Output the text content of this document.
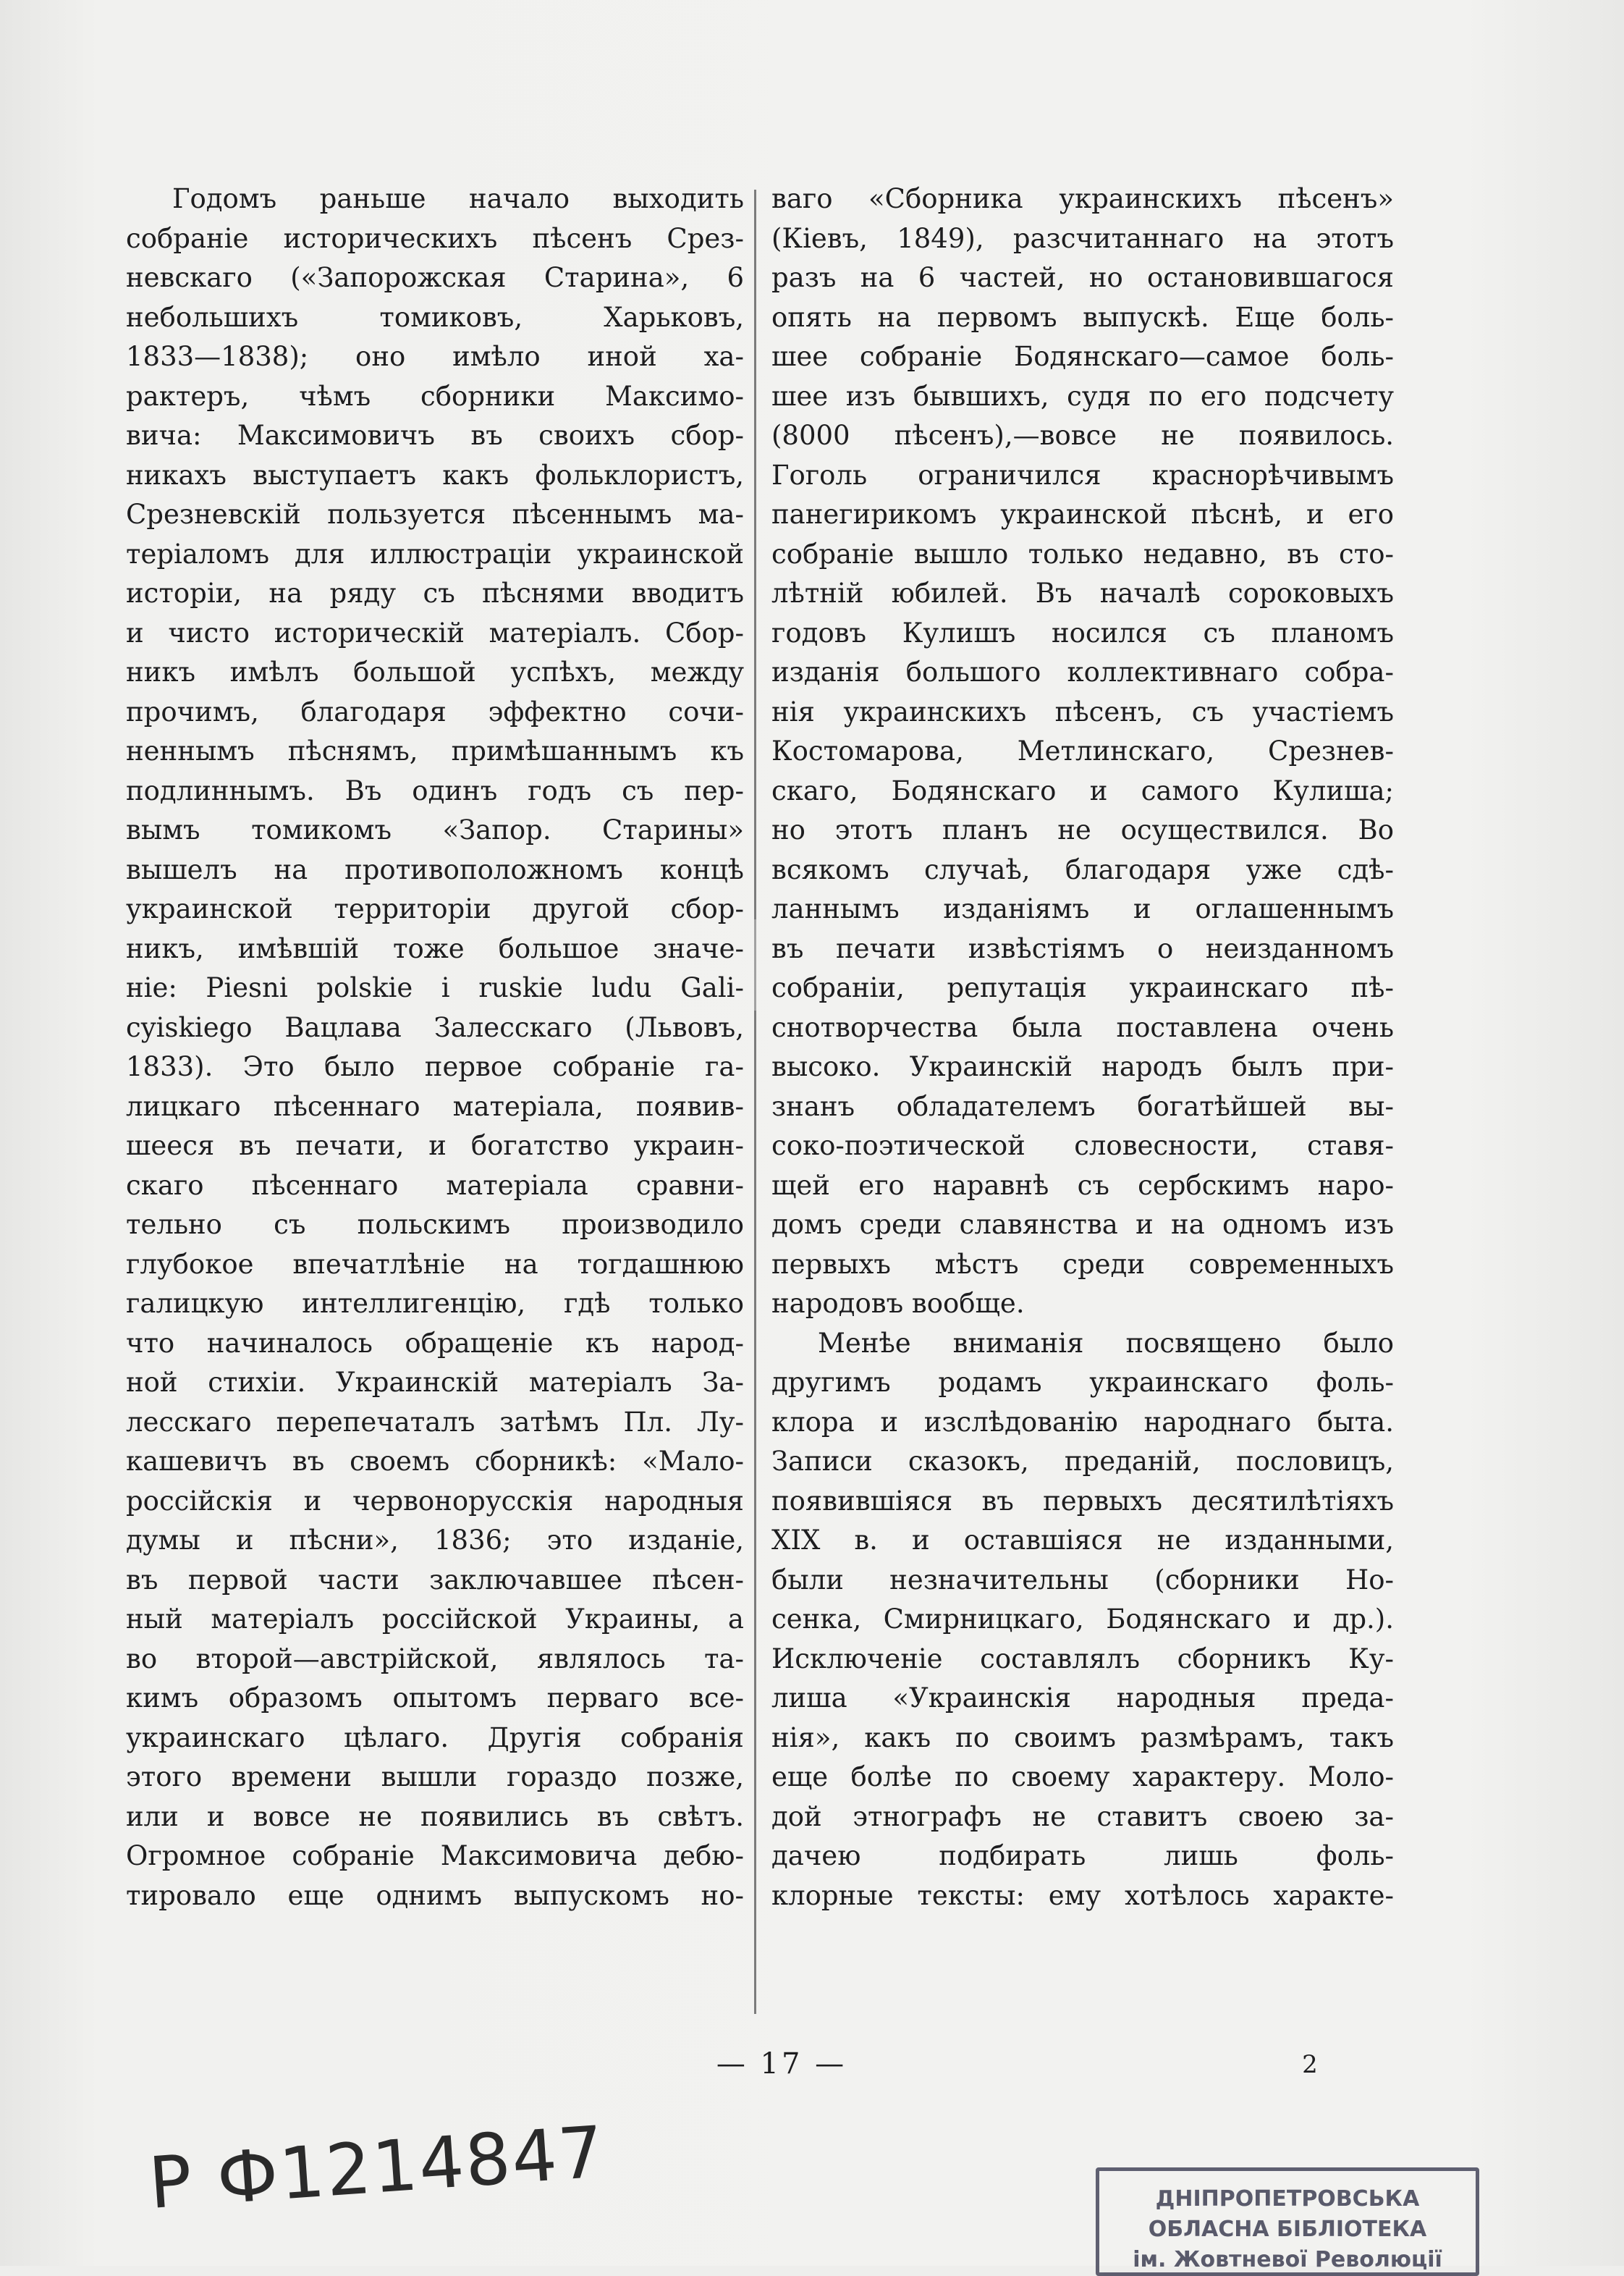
Годомъ раньше начало выходить
собраніе историческихъ пѣсенъ Срез-
невскаго («Запорожская Старина», 6
небольшихъ томиковъ, Харьковъ,
1833—1838); оно имѣло иной ха-
рактеръ, чѣмъ сборники Максимо-
вича: Максимовичъ въ своихъ сбор-
никахъ выступаетъ какъ фольклористъ,
Срезневскій пользуется пѣсеннымъ ма-
теріаломъ для иллюстраціи украинской
исторіи, на ряду съ пѣснями вводитъ
и чисто историческій матеріалъ. Сбор-
никъ имѣлъ большой успѣхъ, между
прочимъ, благодаря эффектно сочи-
неннымъ пѣснямъ, примѣшаннымъ къ
подлиннымъ. Въ одинъ годъ съ пер-
вымъ томикомъ «Запор. Старины»
вышелъ на противоположномъ концѣ
украинской территоріи другой сбор-
никъ, имѣвшій тоже большое значе-
ніе: Piesni polskie i ruskie ludu Gali-
cyiskiego Вацлава Залесскаго (Львовъ,
1833). Это было первое собраніе га-
лицкаго пѣсеннаго матеріала, появив-
шееся въ печати, и богатство украин-
скаго пѣсеннаго матеріала сравни-
тельно съ польскимъ производило
глубокое впечатлѣніе на тогдашнюю
галицкую интеллигенцію, гдѣ только
что начиналось обращеніе къ народ-
ной стихіи. Украинскій матеріалъ За-
лесскаго перепечаталъ затѣмъ Пл. Лу-
кашевичъ въ своемъ сборникѣ: «Мало-
россійскія и червонорусскія народныя
думы и пѣсни», 1836; это изданіе,
въ первой части заключавшее пѣсен-
ный матеріалъ россійской Украины, а
во второй—австрійской, являлось та-
кимъ образомъ опытомъ перваго все-
украинскаго цѣлаго. Другія собранія
этого времени вышли гораздо позже,
или и вовсе не появились въ свѣтъ.
Огромное собраніе Максимовича дебю-
тировало еще однимъ выпускомъ но-
ваго «Сборника украинскихъ пѣсенъ»
(Кіевъ, 1849), разсчитаннаго на этотъ
разъ на 6 частей, но остановившагося
опять на первомъ выпускѣ. Еще боль-
шее собраніе Бодянскаго—самое боль-
шее изъ бывшихъ, судя по его подсчету
(8000 пѣсенъ),—вовсе не появилось.
Гоголь ограничился краснорѣчивымъ
панегирикомъ украинской пѣснѣ, и его
собраніе вышло только недавно, въ сто-
лѣтній юбилей. Въ началѣ сороковыхъ
годовъ Кулишъ носился съ планомъ
изданія большого коллективнаго собра-
нія украинскихъ пѣсенъ, съ участіемъ
Костомарова, Метлинскаго, Срезнев-
скаго, Бодянскаго и самого Кулиша;
но этотъ планъ не осуществился. Во
всякомъ случаѣ, благодаря уже сдѣ-
ланнымъ изданіямъ и оглашеннымъ
въ печати извѣстіямъ о неизданномъ
собраніи, репутація украинскаго пѣ-
снотворчества была поставлена очень
высоко. Украинскій народъ былъ при-
знанъ обладателемъ богатѣйшей вы-
соко-поэтической словесности, ставя-
щей его наравнѣ съ сербскимъ наро-
домъ среди славянства и на одномъ изъ
первыхъ мѣстъ среди современныхъ
народовъ вообще.
Менѣе вниманія посвящено было
другимъ родамъ украинскаго фоль-
клора и изслѣдованію народнаго быта.
Записи сказокъ, преданій, пословицъ,
появившіяся въ первыхъ десятилѣтіяхъ
XIX в. и оставшіяся не изданными,
были незначительны (сборники Но-
сенка, Смирницкаго, Бодянскаго и др.).
Исключеніе составлялъ сборникъ Ку-
лиша «Украинскія народныя преда-
нія», какъ по своимъ размѣрамъ, такъ
еще болѣе по своему характеру. Моло-
дой этнографъ не ставитъ своею за-
дачею подбирать лишь фоль-
клорные тексты: ему хотѣлось характе-
— 17 —	2
Р Ф1214847	ДНІПРОПЕТРОВСЬКА
ОБЛАСНА БІБЛІОТЕКА
ім. Жовтневої Революції
